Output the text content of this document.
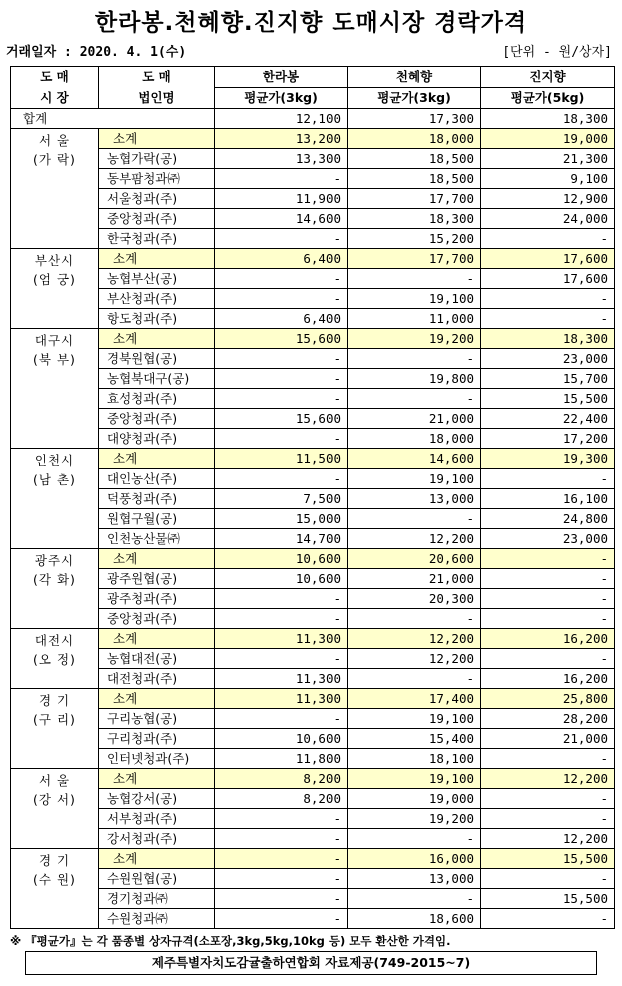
한라봉.천혜향.진지향 도매시장 경락가격
거래일자 : 2020. 4. 1(수)	[단위 - 원/상자]
도 매	도 매	한라봉	천혜향	진지향
시 장	법인명	평균가(3kg)	평균가(3kg)	평균가(5kg)
합계		12,100	17,300	18,300

서 울
(가 락)	소계	13,200	18,000	19,000
	농협가락(공)	13,300	18,500	21,300
	동부팜청과㈜	-	18,500	9,100
	서울청과(주)	11,900	17,700	12,900
	중앙청과(주)	14,600	18,300	24,000
	한국청과(주)	-	15,200	-

부산시
(엄 궁)	소계	6,400	17,700	17,600
	농협부산(공)	-	-	17,600
	부산청과(주)	-	19,100	-
	항도청과(주)	6,400	11,000	-

대구시
(북 부)	소계	15,600	19,200	18,300
	경북원협(공)	-	-	23,000
	농협북대구(공)	-	19,800	15,700
	효성청과(주)	-	-	15,500
	중앙청과(주)	15,600	21,000	22,400
	대양청과(주)	-	18,000	17,200

인천시
(남 촌)	소계	11,500	14,600	19,300
	대인농산(주)	-	19,100	-
	덕풍청과(주)	7,500	13,000	16,100
	원협구월(공)	15,000	-	24,800
	인천농산물㈜	14,700	12,200	23,000

광주시
(각 화)	소계	10,600	20,600	-
	광주원협(공)	10,600	21,000	-
	광주청과(주)	-	20,300	-
	중앙청과(주)	-	-	-

대전시
(오 정)	소계	11,300	12,200	16,200
	농협대전(공)	-	12,200	-
	대전청과(주)	11,300	-	16,200

경 기
(구 리)	소계	11,300	17,400	25,800
	구리농협(공)	-	19,100	28,200
	구리청과(주)	10,600	15,400	21,000
	인터넷청과(주)	11,800	18,100	-

서 울
(강 서)	소계	8,200	19,100	12,200
	농협강서(공)	8,200	19,000	-
	서부청과(주)	-	19,200	-
	강서청과(주)	-	-	12,200

경 기
(수 원)	소계	-	16,000	15,500
	수원원협(공)	-	13,000	-
	경기청과㈜	-	-	15,500
	수원청과㈜	-	18,600	-
※ 『평균가』는 각 품종별 상자규격(소포장,3kg,5kg,10kg 등) 모두 환산한 가격임.
제주특별자치도감귤출하연합회 자료제공(749-2015~7)
